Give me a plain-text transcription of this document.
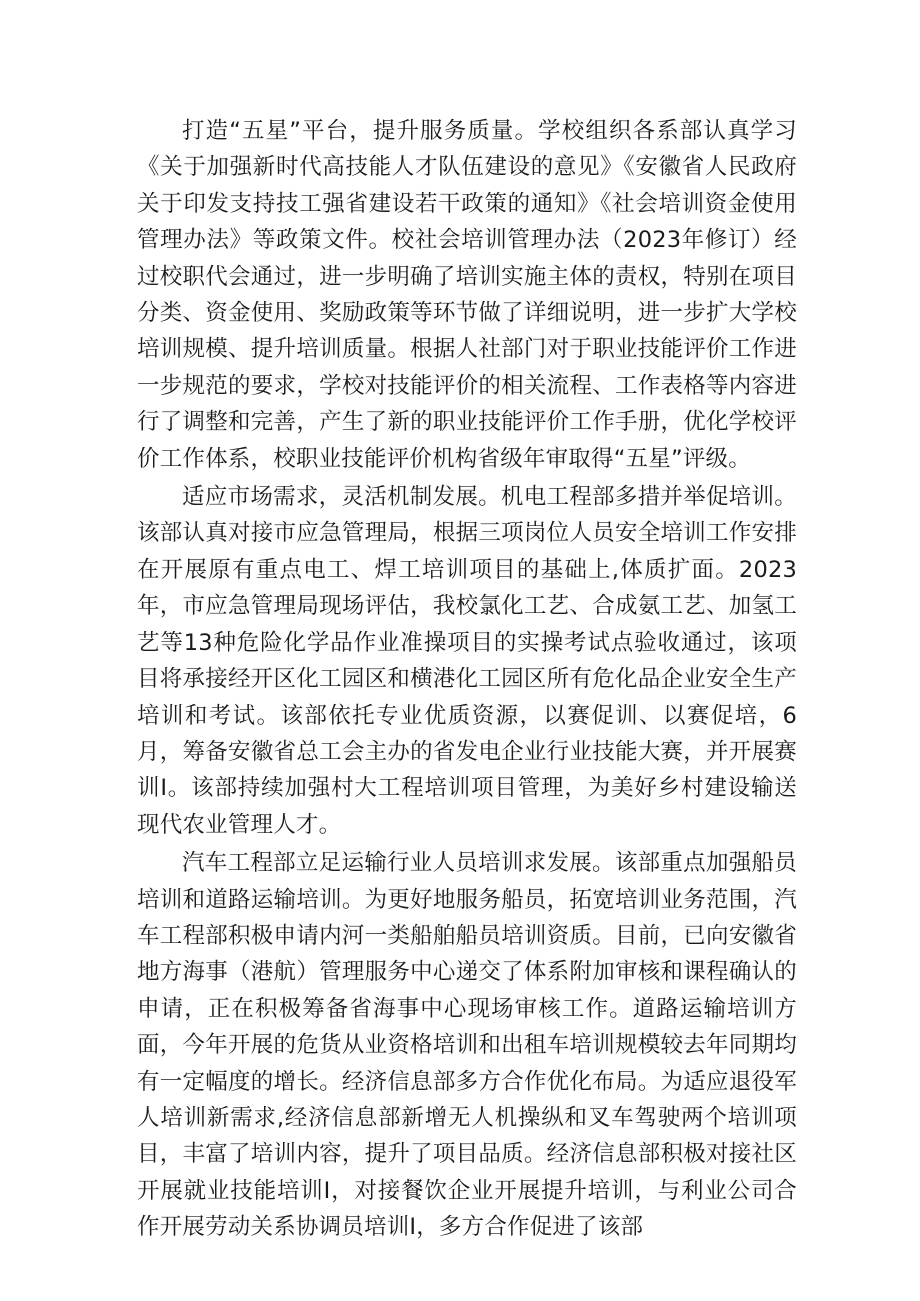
打造“五星”平台，提升服务质量。学校组织各系部认真学习《关于加强新时代高技能人才队伍建设的意见》《安徽省人民政府关于印发支持技工强省建设若干政策的通知》《社会培训资金使用管理办法》等政策文件。校社会培训管理办法（2023年修订）经过校职代会通过，进一步明确了培训实施主体的责权，特别在项目分类、资金使用、奖励政策等环节做了详细说明，进一步扩大学校培训规模、提升培训质量。根据人社部门对于职业技能评价工作进一步规范的要求，学校对技能评价的相关流程、工作表格等内容进行了调整和完善，产生了新的职业技能评价工作手册，优化学校评价工作体系，校职业技能评价机构省级年审取得“五星”评级。

适应市场需求，灵活机制发展。机电工程部多措并举促培训。该部认真对接市应急管理局，根据三项岗位人员安全培训工作安排在开展原有重点电工、焊工培训项目的基础上,体质扩面。2023年，市应急管理局现场评估，我校氯化工艺、合成氨工艺、加氢工艺等13种危险化学品作业准操项目的实操考试点验收通过，该项目将承接经开区化工园区和横港化工园区所有危化品企业安全生产培训和考试。该部依托专业优质资源，以赛促训、以赛促培，6月，筹备安徽省总工会主办的省发电企业行业技能大赛，并开展赛训I。该部持续加强村大工程培训项目管理，为美好乡村建设输送现代农业管理人才。

汽车工程部立足运输行业人员培训求发展。该部重点加强船员培训和道路运输培训。为更好地服务船员，拓宽培训业务范围，汽车工程部积极申请内河一类船舶船员培训资质。目前，已向安徽省地方海事（港航）管理服务中心递交了体系附加审核和课程确认的申请，正在积极筹备省海事中心现场审核工作。道路运输培训方面，今年开展的危货从业资格培训和出租车培训规模较去年同期均有一定幅度的增长。经济信息部多方合作优化布局。为适应退役军人培训新需求,经济信息部新增无人机操纵和叉车驾驶两个培训项目，丰富了培训内容，提升了项目品质。经济信息部积极对接社区开展就业技能培训I，对接餐饮企业开展提升培训，与利业公司合作开展劳动关系协调员培训I，多方合作促进了该部
